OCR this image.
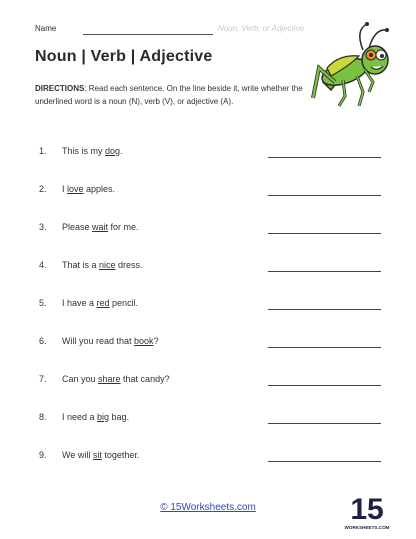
Name	Noun, Verb, or Adjective
Noun | Verb | Adjective
DIRECTIONS: Read each sentence. On the line beside it, write whether the underlined word is a noun (N), verb (V), or adjective (A).
1. This is my dog.
2. I love apples.
3. Please wait for me.
4. That is a nice dress.
5. I have a red pencil.
6. Will you read that book?
7. Can you share that candy?
8. I need a big bag.
9. We will sit together.
© 15Worksheets.com	15
WORKSHEETS.COM
